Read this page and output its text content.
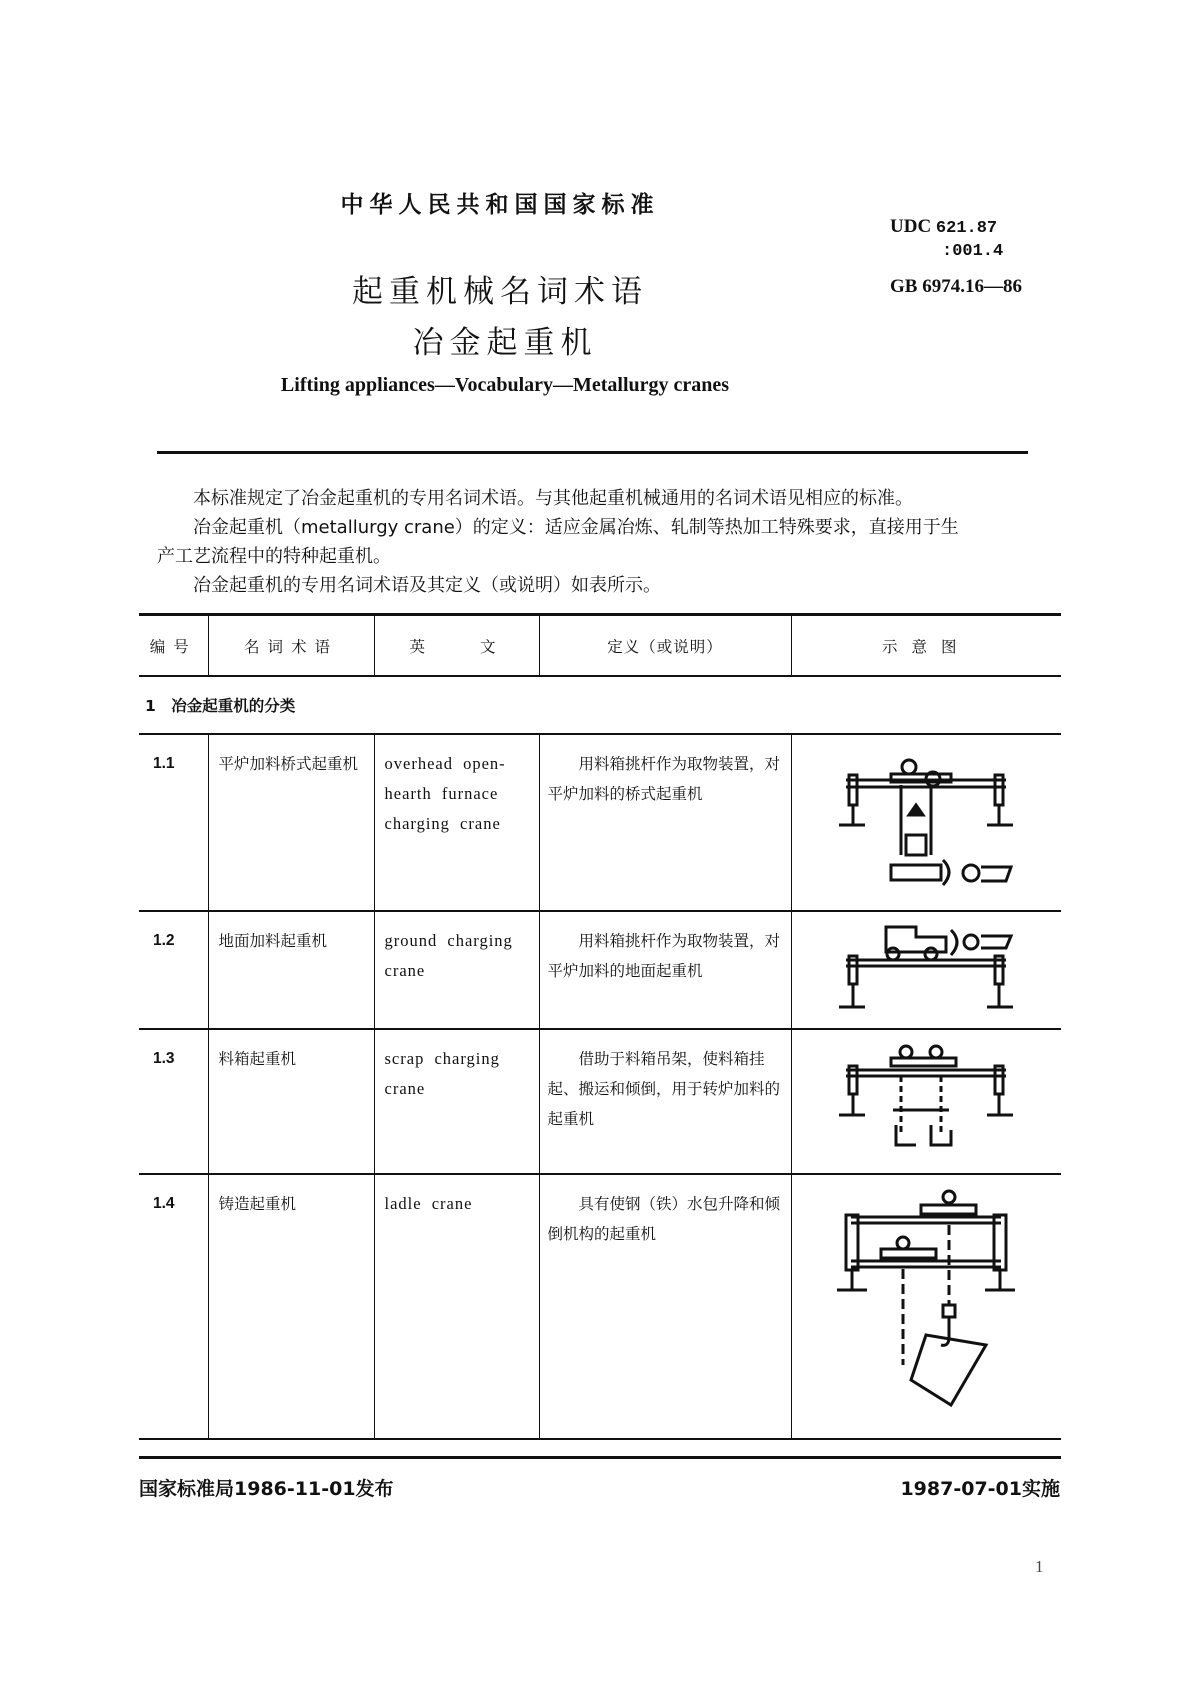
中华人民共和国国家标准
UDC 621.87
:001.4
GB 6974.16—86
起重机械名词术语
冶金起重机
Lifting appliances—Vocabulary—Metallurgy cranes

本标准规定了冶金起重机的专用名词术语。与其他起重机械通用的名词术语见相应的标准。

冶金起重机（metallurgy crane）的定义：适应金属冶炼、轧制等热加工特殊要求，直接用于生

产工艺流程中的特种起重机。

冶金起重机的专用名词术语及其定义（或说明）如表所示。

编号	名词术语	英　　文	定义（或说明）	示意图
1　冶金起重机的分类				
1.1	平炉加料桥式起重机	overhead open-hearth furnace charging crane	用料箱挑杆作为取物装置，对平炉加料的桥式起重机

1.2	地面加料起重机	ground charging crane	用料箱挑杆作为取物装置，对平炉加料的地面起重机

1.3	料箱起重机	scrap charging crane	借助于料箱吊架，使料箱挂起、搬运和倾倒，用于转炉加料的起重机

1.4	铸造起重机	ladle crane	具有使钢（铁）水包升降和倾倒机构的起重机

国家标准局1986-11-01发布	1987-07-01实施
1
